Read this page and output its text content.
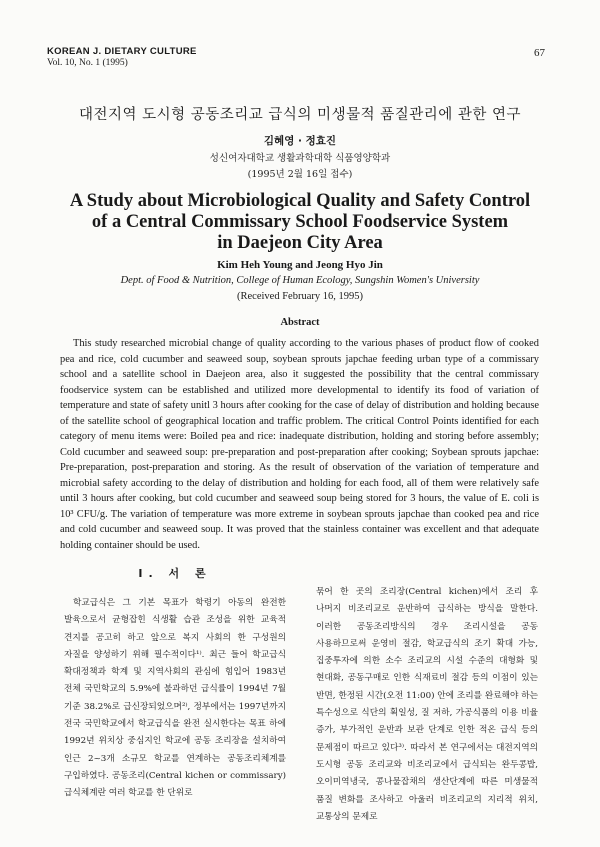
KOREAN J. DIETARY CULTURE
Vol. 10, No. 1 (1995)
67
대전지역 도시형 공동조리교 급식의 미생물적 품질관리에 관한 연구
김혜영 · 정효진
성신여자대학교 생활과학대학 식품영양학과
(1995년 2월 16일 접수)
A Study about Microbiological Quality and Safety Control
of a Central Commissary School Foodservice System
in Daejeon City Area
Kim Heh Young and Jeong Hyo Jin
Dept. of Food & Nutrition, College of Human Ecology, Sungshin Women's University
(Received February 16, 1995)
Abstract

This study researched microbial change of quality according to the various phases of product flow of cooked pea and rice, cold cucumber and seaweed soup, soybean sprouts japchae feeding urban type of a commissary school and a satellite school in Daejeon area, also it suggested the possibility that the central commissary foodservice system can be established and utilized more developmental to identify its food of variation of temperature and state of safety unitl 3 hours after cooking for the case of delay of distribution and holding because of the satellite school of geographical location and traffic problem. The critical Control Points identified for each category of menu items were: Boiled pea and rice: inadequate distribution, holding and storing before assembly; Cold cucumber and seaweed soup: pre-preparation and post-preparation after cooking; Soybean sprouts japchae: Pre-preparation, post-preparation and storing. As the result of observation of the variation of temperature and microbial safety according to the delay of distribution and holding for each food, all of them were relatively safe until 3 hours after cooking, but cold cucumber and seaweed soup being stored for 3 hours, the value of E. coli is 10³ CFU/g. The variation of temperature was more extreme in soybean sprouts japchae than cooked pea and rice and cold cucumber and seaweed soup. It was proved that the stainless container was excellent and that adequate holding container should be used.

I. 서 론

학교급식은 그 기본 목표가 학령기 아동의 완전한 발육으로서 균형잡힌 식생활 습관 조성을 위한 교육적 견지를 공고히 하고 앞으로 복지 사회의 한 구성원의 자질을 양성하기 위해 필수적이다¹⁾. 최근 들어 학교급식 확대정책과 학계 및 지역사회의 관심에 힘입어 1983년 전체 국민학교의 5.9%에 불과하던 급식률이 1994년 7월 기준 38.2%로 급신장되었으며²⁾, 정부에서는 1997년까지 전국 국민학교에서 학교급식을 완전 실시한다는 목표 하에 1992년 위치상 중심지인 학교에 공동 조리장을 설치하여 인근 2~3개 소규모 학교를 연계하는 공동조리체계를 구입하였다. 공동조리(Central kichen or commissary) 급식체계란 여러 학교를 한 단위로

묶어 한 곳의 조리장(Central kichen)에서 조리 후 나머지 비조리교로 운반하여 급식하는 방식을 말한다. 이러한 공동조리방식의 경우 조리시설을 공동 사용하므로써 운영비 절감, 학교급식의 조기 확대 가능, 집중투자에 의한 소수 조리교의 시설 수준의 대형화 및 현대화, 공동구매로 인한 식재료비 절감 등의 이점이 있는 반면, 한정된 시간(오전 11:00) 안에 조리를 완료해야 하는 특수성으로 식단의 획일성, 질 저하, 가공식품의 이용 비율 증가, 부가적인 운반과 보관 단계로 인한 적온 급식 등의 문제점이 따르고 있다³⁾. 따라서 본 연구에서는 대전지역의 도시형 공동 조리교와 비조리교에서 급식되는 완두콩밥, 오이미역냉국, 콩나물잡채의 생산단계에 따른 미생물적 품질 변화를 조사하고 아울러 비조리교의 지리적 위치, 교통상의 문제로
